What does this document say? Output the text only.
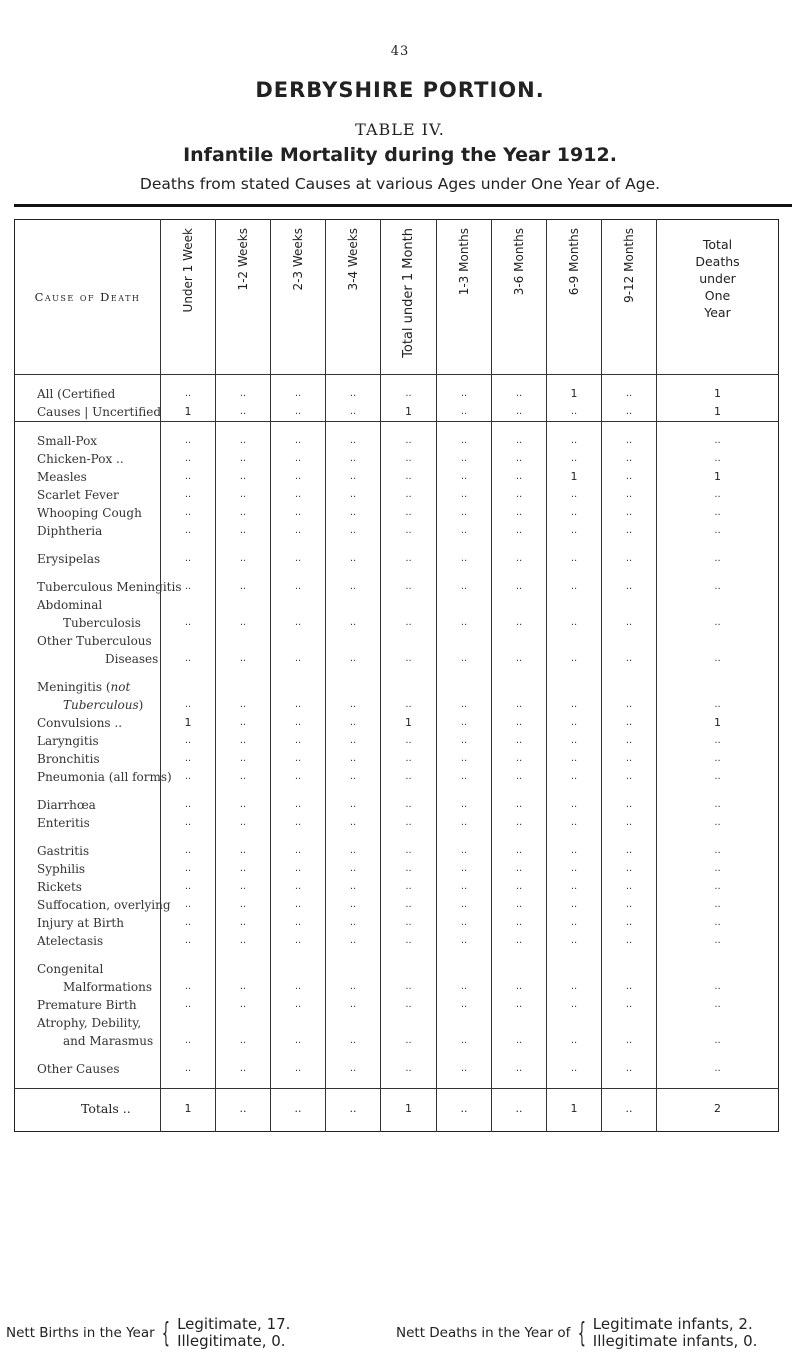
43
DERBYSHIRE PORTION.
TABLE IV.
Infantile Mortality during the Year 1912.
Deaths from stated Causes at various Ages under One Year of Age.
Cause of Death	Under 1 Week	1-2 Weeks	2-3 Weeks	3-4 Weeks	Total under 1 Month	1-3 Months	3-6 Months	6-9 Months	9-12 Months	Total
Deaths
under
One
Year

All (Certified	..	..	..	..	..	..	..	1	..	1
Causes | Uncertified	1	..	..	..	1	..	..	..	..	1

Small-Pox	..	..	..	..	..	..	..	..	..	..
Chicken-Pox ..	..	..	..	..	..	..	..	..	..	..
Measles	..	..	..	..	..	..	..	1	..	1
Scarlet Fever	..	..	..	..	..	..	..	..	..	..
Whooping Cough	..	..	..	..	..	..	..	..	..	..
Diphtheria	..	..	..	..	..	..	..	..	..	..

Erysipelas	..	..	..	..	..	..	..	..	..	..

Tuberculous Meningitis	..	..	..	..	..	..	..	..	..	..
Abdominal										
Tuberculosis	..	..	..	..	..	..	..	..	..	..
Other Tuberculous										
Diseases	..	..	..	..	..	..	..	..	..	..

Meningitis (not										
Tuberculous)	..	..	..	..	..	..	..	..	..	..
Convulsions ..	1	..	..	..	1	..	..	..	..	1
Laryngitis	..	..	..	..	..	..	..	..	..	..
Bronchitis	..	..	..	..	..	..	..	..	..	..
Pneumonia (all forms)	..	..	..	..	..	..	..	..	..	..

Diarrhœa	..	..	..	..	..	..	..	..	..	..
Enteritis	..	..	..	..	..	..	..	..	..	..

Gastritis	..	..	..	..	..	..	..	..	..	..
Syphilis	..	..	..	..	..	..	..	..	..	..
Rickets	..	..	..	..	..	..	..	..	..	..
Suffocation, overlying	..	..	..	..	..	..	..	..	..	..
Injury at Birth	..	..	..	..	..	..	..	..	..	..
Atelectasis	..	..	..	..	..	..	..	..	..	..

Congenital										
Malformations	..	..	..	..	..	..	..	..	..	..
Premature Birth	..	..	..	..	..	..	..	..	..	..
Atrophy, Debility,										
and Marasmus	..	..	..	..	..	..	..	..	..	..

Other Causes	..	..	..	..	..	..	..	..	..	..

Totals ..	1	..	..	..	1	..	..	1	..	2
Nett Births in the Year { Legitimate, 17.
Illegitimate, 0.	Nett Deaths in the Year of { Legitimate infants, 2.
Illegitimate infants, 0.
